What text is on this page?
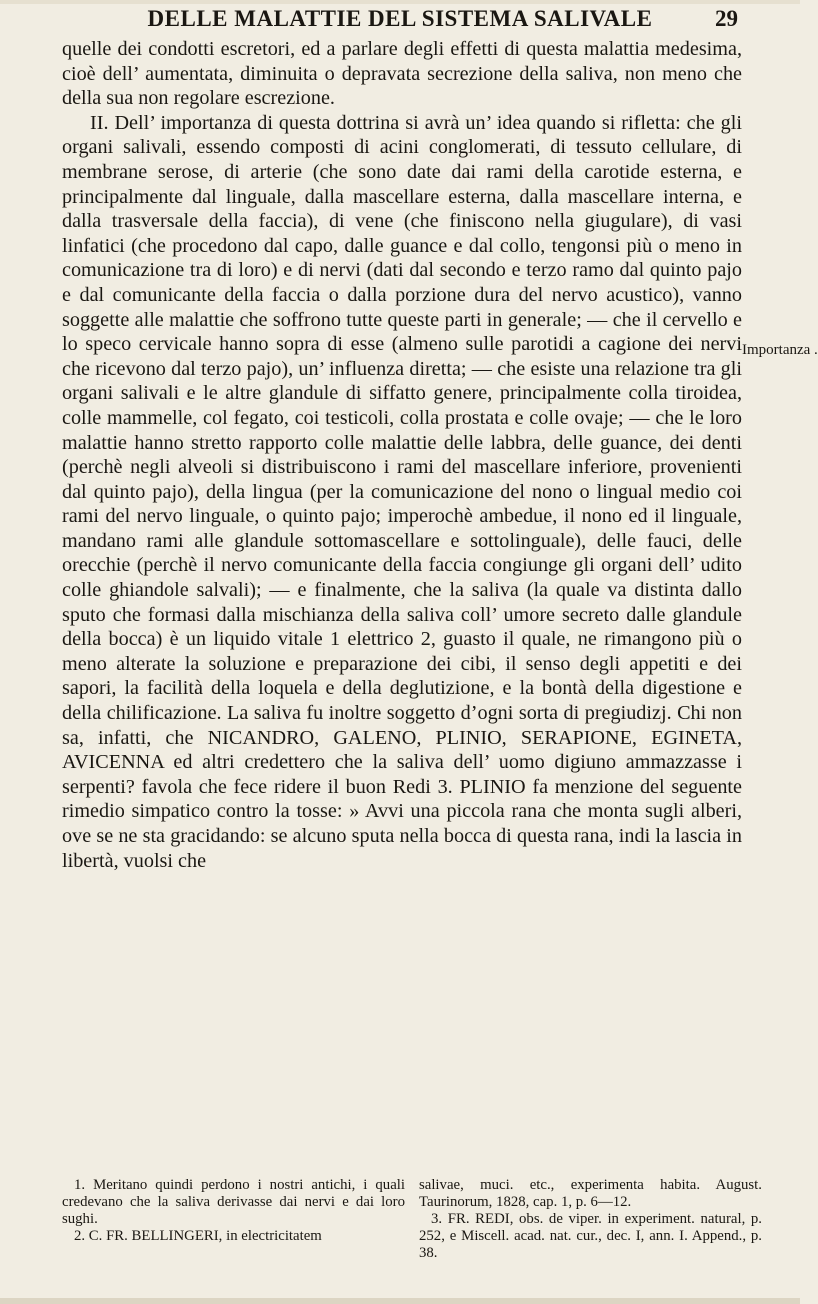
DELLE MALATTIE DEL SISTEMA SALIVALE	29
Importanza .

quelle dei condotti escretori, ed a parlare degli effetti di questa malattia medesima, cioè dell’ aumentata, diminuita o depravata secrezione della saliva, non meno che della sua non regolare escrezione.

II. Dell’ importanza di questa dottrina si avrà un’ idea quando si rifletta: che gli organi salivali, essendo composti di acini conglomerati, di tessuto cellulare, di membrane serose, di arterie (che sono date dai rami della carotide esterna, e principalmente dal linguale, dalla mascellare esterna, dalla mascellare interna, e dalla trasversale della faccia), di vene (che finiscono nella giugulare), di vasi linfatici (che procedono dal capo, dalle guance e dal collo, tengonsi più o meno in comunicazione tra di loro) e di nervi (dati dal secondo e terzo ramo dal quinto pajo e dal comunicante della faccia o dalla porzione dura del nervo acustico), vanno soggette alle malattie che soffrono tutte queste parti in generale; — che il cervello e lo speco cervicale hanno sopra di esse (almeno sulle parotidi a cagione dei nervi che ricevono dal terzo pajo), un’ influenza diretta; — che esiste una relazione tra gli organi salivali e le altre glandule di siffatto genere, principalmente colla tiroidea, colle mammelle, col fegato, coi testicoli, colla prostata e colle ovaje; — che le loro malattie hanno stretto rapporto colle malattie delle labbra, delle guance, dei denti (perchè negli alveoli si distribuiscono i rami del mascellare inferiore, provenienti dal quinto pajo), della lingua (per la comunicazione del nono o lingual medio coi rami del nervo linguale, o quinto pajo; imperochè ambedue, il nono ed il linguale, mandano rami alle glandule sottomascellare e sottolinguale), delle fauci, delle orecchie (perchè il nervo comunicante della faccia congiunge gli organi dell’ udito colle ghiandole salvali); — e finalmente, che la saliva (la quale va distinta dallo sputo che formasi dalla mischianza della saliva coll’ umore secreto dalle glandule della bocca) è un liquido vitale 1 elettrico 2, guasto il quale, ne rimangono più o meno alterate la soluzione e preparazione dei cibi, il senso degli appetiti e dei sapori, la facilità della loquela e della deglutizione, e la bontà della digestione e della chilificazione. La saliva fu inoltre soggetto d’ogni sorta di pregiudizj. Chi non sa, infatti, che NICANDRO, GALENO, PLINIO, SERAPIONE, EGINETA, AVICENNA ed altri credettero che la saliva dell’ uomo digiuno ammazzasse i serpenti? favola che fece ridere il buon Redi 3. PLINIO fa menzione del seguente rimedio simpatico contro la tosse: » Avvi una piccola rana che monta sugli alberi, ove se ne sta gracidando: se alcuno sputa nella bocca di questa rana, indi la lascia in libertà, vuolsi che

1. Meritano quindi perdono i nostri antichi, i quali credevano che la saliva derivasse dai nervi e dai loro sughi.

2. C. FR. BELLINGERI, in electricitatem

salivae, muci. etc., experimenta habita. August. Taurinorum, 1828, cap. 1, p. 6—12.

3. FR. REDI, obs. de viper. in experiment. natural, p. 252, e Miscell. acad. nat. cur., dec. I, ann. I. Append., p. 38.
